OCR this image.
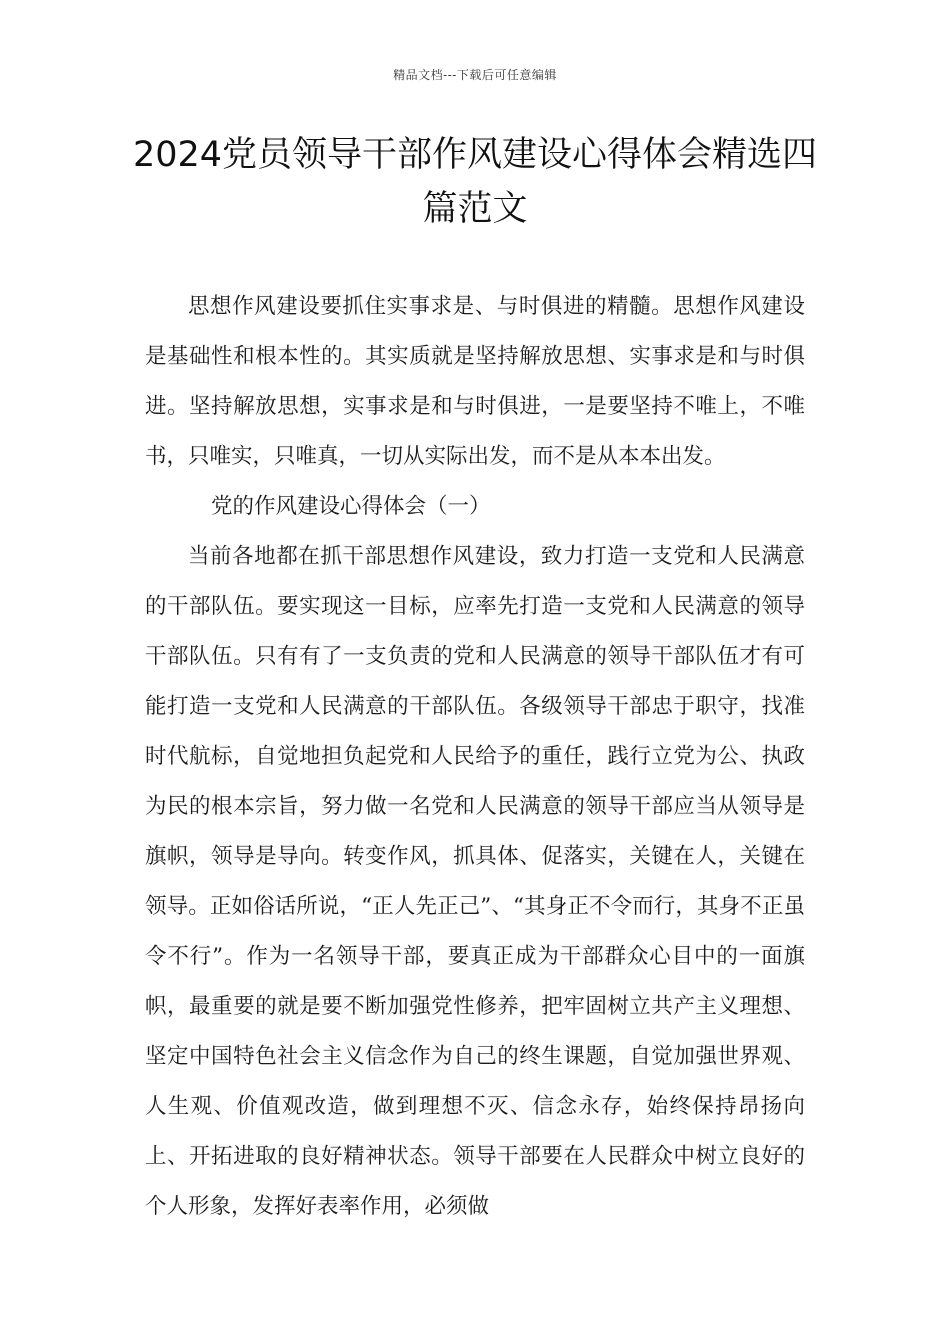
精品文档---下载后可任意编辑
2024党员领导干部作风建设心得体会精选四篇范文

思想作风建设要抓住实事求是、与时俱进的精髓。思想作风建设是基础性和根本性的。其实质就是坚持解放思想、实事求是和与时俱进。坚持解放思想，实事求是和与时俱进，一是要坚持不唯上，不唯书，只唯实，只唯真，一切从实际出发，而不是从本本出发。

党的作风建设心得体会（一）

当前各地都在抓干部思想作风建设，致力打造一支党和人民满意的干部队伍。要实现这一目标，应率先打造一支党和人民满意的领导干部队伍。只有有了一支负责的党和人民满意的领导干部队伍才有可能打造一支党和人民满意的干部队伍。各级领导干部忠于职守，找准时代航标，自觉地担负起党和人民给予的重任，践行立党为公、执政为民的根本宗旨，努力做一名党和人民满意的领导干部应当从领导是旗帜，领导是导向。转变作风，抓具体、促落实，关键在人，关键在领导。正如俗话所说，“正人先正己”、“其身正不令而行，其身不正虽令不行”。作为一名领导干部，要真正成为干部群众心目中的一面旗帜，最重要的就是要不断加强党性修养，把牢固树立共产主义理想、坚定中国特色社会主义信念作为自己的终生课题，自觉加强世界观、人生观、价值观改造，做到理想不灭、信念永存，始终保持昂扬向上、开拓进取的良好精神状态。领导干部要在人民群众中树立良好的个人形象，发挥好表率作用，必须做
